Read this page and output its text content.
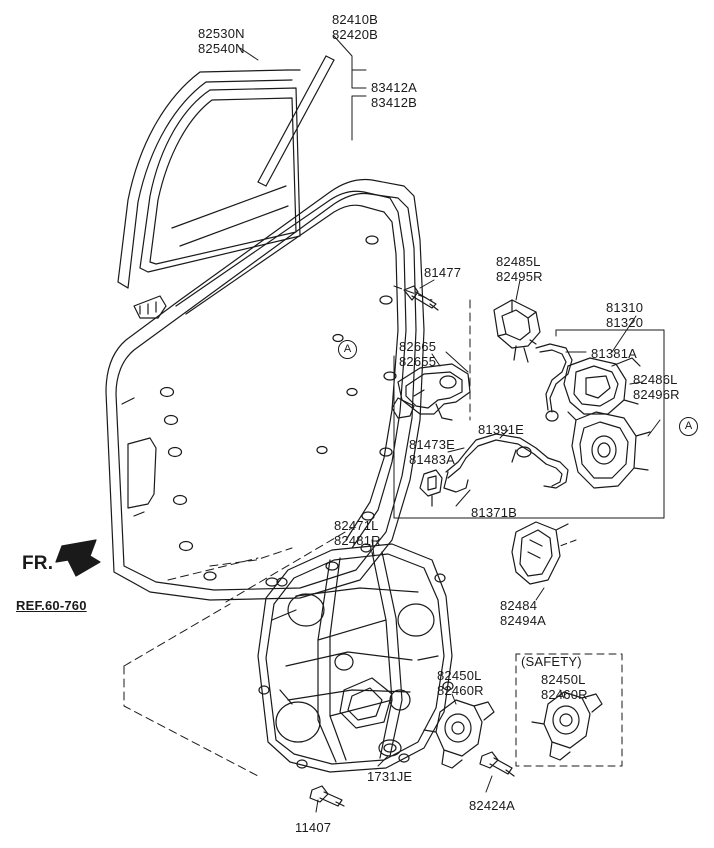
82530N
82540N
82410B
82420B
83412A
83412B
81477
82485L
82495R
81310
81320
81381A
82665
82655
82486L
82496R
81391E
81473E
81483A
81371B
82471L
82481R
82484
82494A
82450L
82460R
82450L
82460R
1731JE
82424A
11407
FR.
REF.60-760
(SAFETY)
A
A
